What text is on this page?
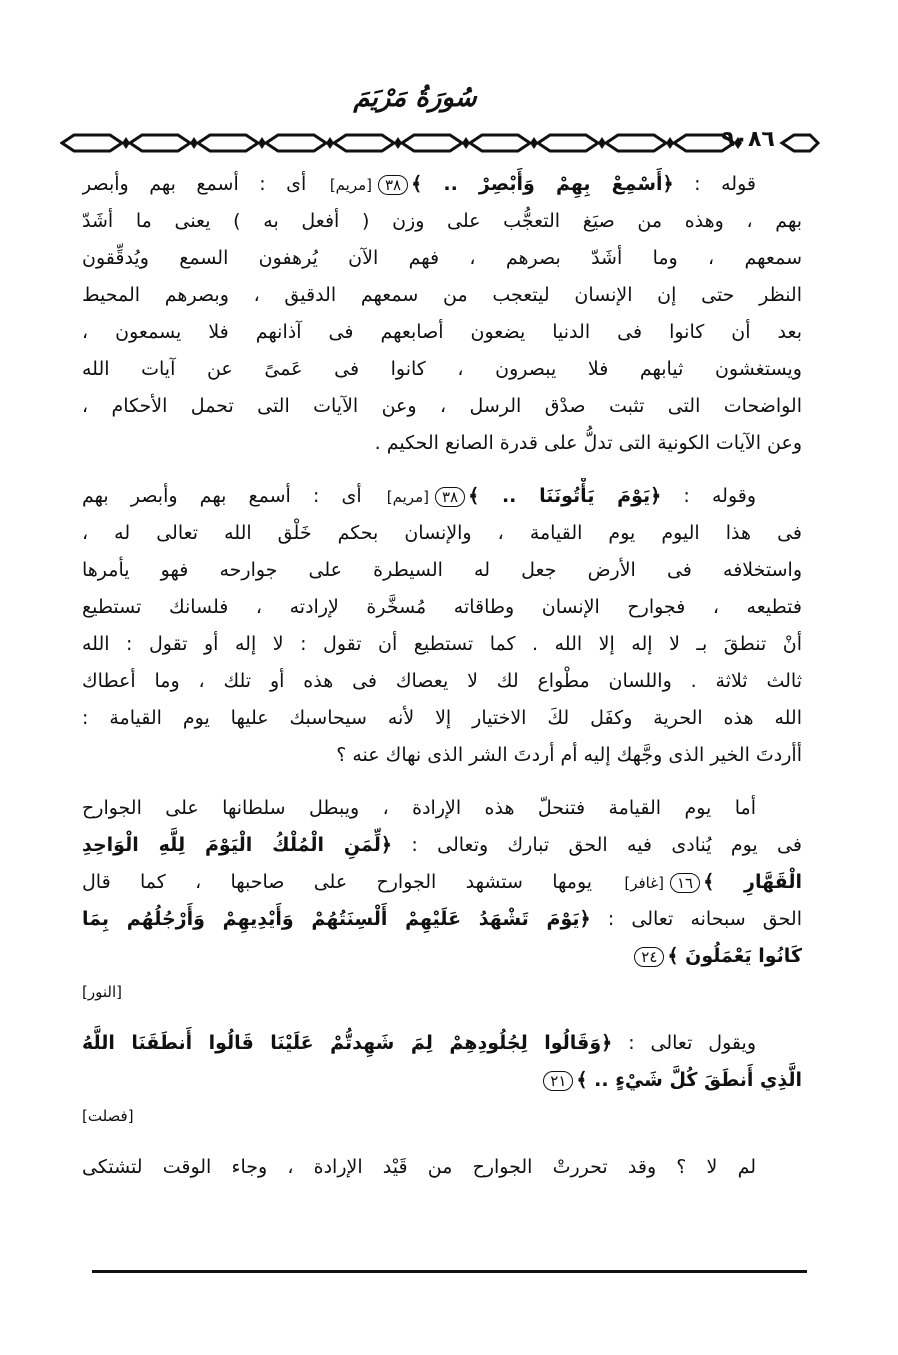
سُورَةُ مَرْيَمَ
٩٠٨٦
قوله : ﴿أَسْمِعْ بِهِمْ وَأَبْصِرْ .. ﴾٣٨[مريم] أى : أسمع بهم وأبصر
بهم ، وهذه من صيَغ التعجُّب على وزن ( أفعل به ) يعنى ما أشَدّ
سمعهم ، وما أشَدّ بصرهم ، فهم الآن يُرهفون السمع ويُدقِّقون
النظر حتى إن الإنسان ليتعجب من سمعهم الدقيق ، وبصرهم المحيط
بعد أن كانوا فى الدنيا يضعون أصابعهم فى آذانهم فلا يسمعون ،
ويستغشون ثيابهم فلا يبصرون ، كانوا فى عَمىً عن آيات الله
الواضحات التى تثبت صدْق الرسل ، وعن الآيات التى تحمل الأحكام ،
وعن الآيات الكونية التى تدلُّ على قدرة الصانع الحكيم .
وقوله : ﴿يَوْمَ يَأْتُونَنَا .. ﴾٣٨[مريم] أى : أسمع بهم وأبصر بهم
فى هذا اليوم يوم القيامة ، والإنسان بحكم خَلْق الله تعالى له ،
واستخلافه فى الأرض جعل له السيطرة على جوارحه فهو يأمرها
فتطيعه ، فجوارح الإنسان وطاقاته مُسخَّرة لإرادته ، فلسانك تستطيع
أنْ تنطقَ بـ لا إله إلا الله . كما تستطيع أن تقول : لا إله أو تقول : الله
ثالث ثلاثة . واللسان مطْواع لك لا يعصاك فى هذه أو تلك ، وما أعطاك
الله هذه الحرية وكفَل لكَ الاختيار إلا لأنه سيحاسبك عليها يوم القيامة :
أأردتَ الخير الذى وجَّهك إليه أم أردتَ الشر الذى نهاك عنه ؟
أما يوم القيامة فتنحلّ هذه الإرادة ، ويبطل سلطانها على الجوارح
فى يوم يُنادى فيه الحق تبارك وتعالى : ﴿لِّمَنِ الْمُلْكُ الْيَوْمَ لِلَّهِ الْوَاحِدِ
الْقَهَّارِ ﴾١٦[غافر] يومها ستشهد الجوارح على صاحبها ، كما قال
الحق سبحانه تعالى : ﴿يَوْمَ تَشْهَدُ عَلَيْهِمْ أَلْسِنَتُهُمْ وَأَيْدِيهِمْ وَأَرْجُلُهُم بِمَا
كَانُوا يَعْمَلُونَ ﴾٢٤
[النور]
ويقول تعالى : ﴿وَقَالُوا لِجُلُودِهِمْ لِمَ شَهِدتُّمْ عَلَيْنَا قَالُوا أَنطَقَنَا اللَّهُ
الَّذِي أَنطَقَ كُلَّ شَيْءٍ .. ﴾٢١
[فصلت]
لم لا ؟ وقد تحررتْ الجوارح من قَيْد الإرادة ، وجاء الوقت لتشتكى
